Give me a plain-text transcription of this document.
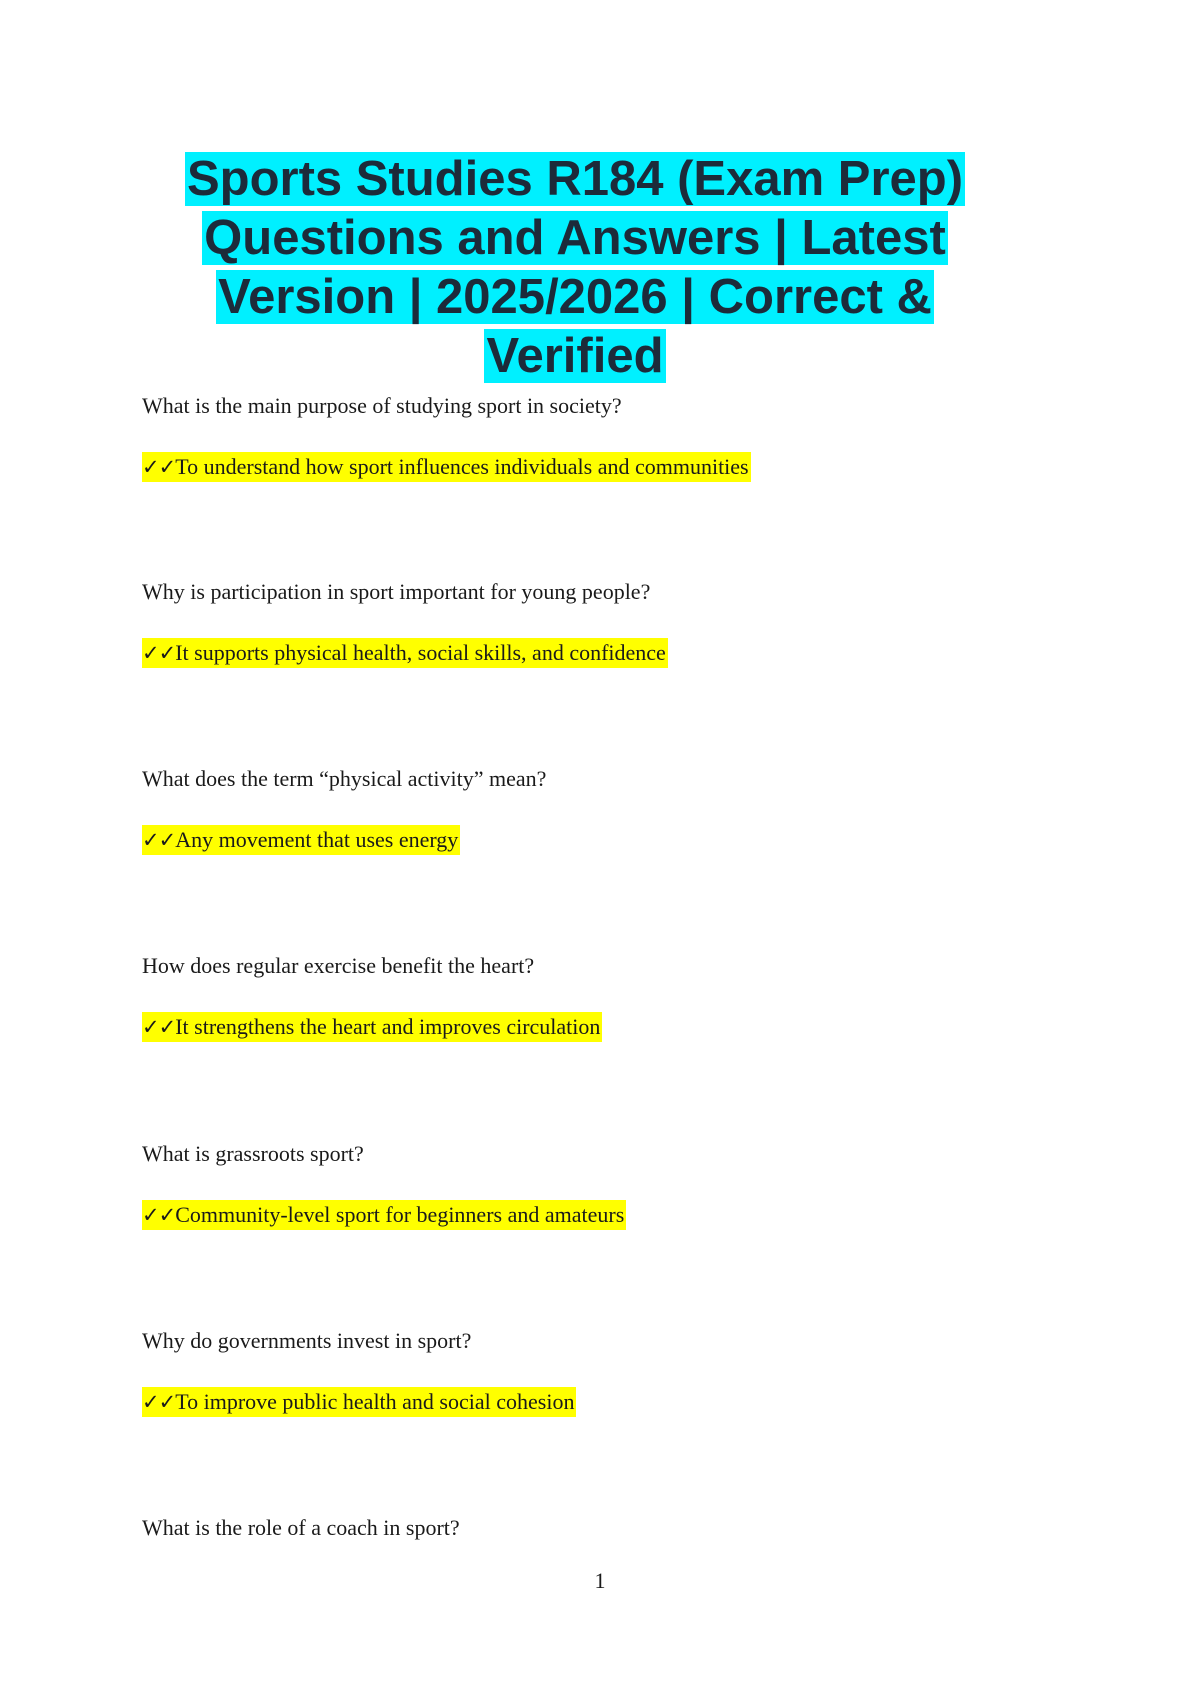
Sports Studies R184 (Exam Prep) Questions and Answers | Latest Version | 2025/2026 | Correct & Verified

What is the main purpose of studying sport in society?

✓✓To understand how sport influences individuals and communities

Why is participation in sport important for young people?

✓✓It supports physical health, social skills, and confidence

What does the term “physical activity” mean?

✓✓Any movement that uses energy

How does regular exercise benefit the heart?

✓✓It strengthens the heart and improves circulation

What is grassroots sport?

✓✓Community-level sport for beginners and amateurs

Why do governments invest in sport?

✓✓To improve public health and social cohesion

What is the role of a coach in sport?

1
